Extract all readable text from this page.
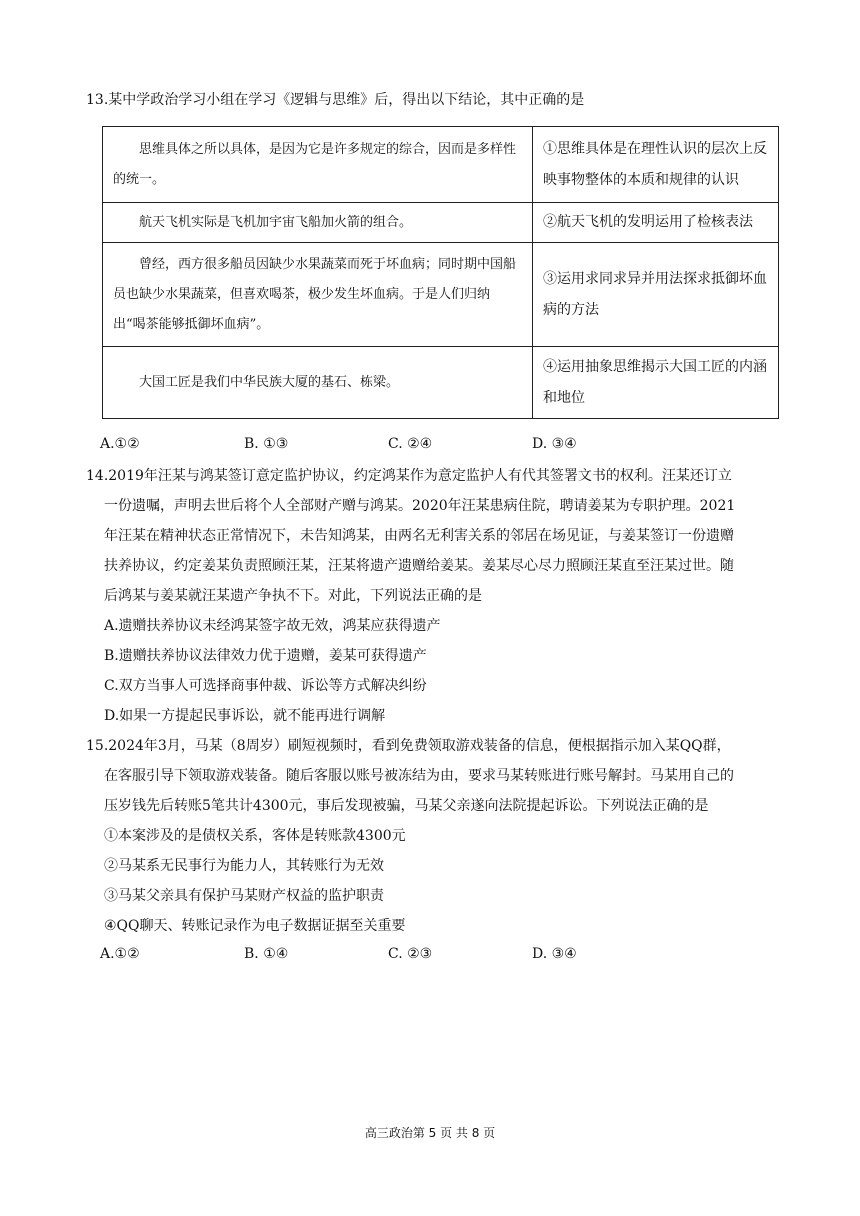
13.某中学政治学习小组在学习《逻辑与思维》后，得出以下结论，其中正确的是

思维具体之所以具体，是因为它是许多规定的综合，因而是多样性的统一。	①思维具体是在理性认识的层次上反映事物整体的本质和规律的认识

航天飞机实际是飞机加宇宙飞船加火箭的组合。	②航天飞机的发明运用了检核表法

曾经，西方很多船员因缺少水果蔬菜而死于坏血病；同时期中国船员也缺少水果蔬菜，但喜欢喝茶，极少发生坏血病。于是人们归纳出“喝茶能够抵御坏血病”。	③运用求同求异并用法探求抵御坏血病的方法

大国工匠是我们中华民族大厦的基石、栋梁。	④运用抽象思维揭示大国工匠的内涵和地位
A.①②	B. ①③	C. ②④	D. ③④
14.2019年汪某与鸿某签订意定监护协议，约定鸿某作为意定监护人有代其签署文书的权利。汪某还订立
一份遗嘱，声明去世后将个人全部财产赠与鸿某。2020年汪某患病住院，聘请姜某为专职护理。2021
年汪某在精神状态正常情况下，未告知鸿某，由两名无利害关系的邻居在场见证，与姜某签订一份遗赠
扶养协议，约定姜某负责照顾汪某，汪某将遗产遗赠给姜某。姜某尽心尽力照顾汪某直至汪某过世。随
后鸿某与姜某就汪某遗产争执不下。对此，下列说法正确的是
A.遗赠扶养协议未经鸿某签字故无效，鸿某应获得遗产
B.遗赠扶养协议法律效力优于遗赠，姜某可获得遗产
C.双方当事人可选择商事仲裁、诉讼等方式解决纠纷
D.如果一方提起民事诉讼，就不能再进行调解
15.2024年3月，马某（8周岁）刷短视频时，看到免费领取游戏装备的信息，便根据指示加入某QQ群，
在客服引导下领取游戏装备。随后客服以账号被冻结为由，要求马某转账进行账号解封。马某用自己的
压岁钱先后转账5笔共计4300元，事后发现被骗，马某父亲遂向法院提起诉讼。下列说法正确的是
①本案涉及的是债权关系，客体是转账款4300元
②马某系无民事行为能力人，其转账行为无效
③马某父亲具有保护马某财产权益的监护职责
④QQ聊天、转账记录作为电子数据证据至关重要
A.①②	B. ①④	C. ②③	D. ③④
高三政治第 5 页 共 8 页
